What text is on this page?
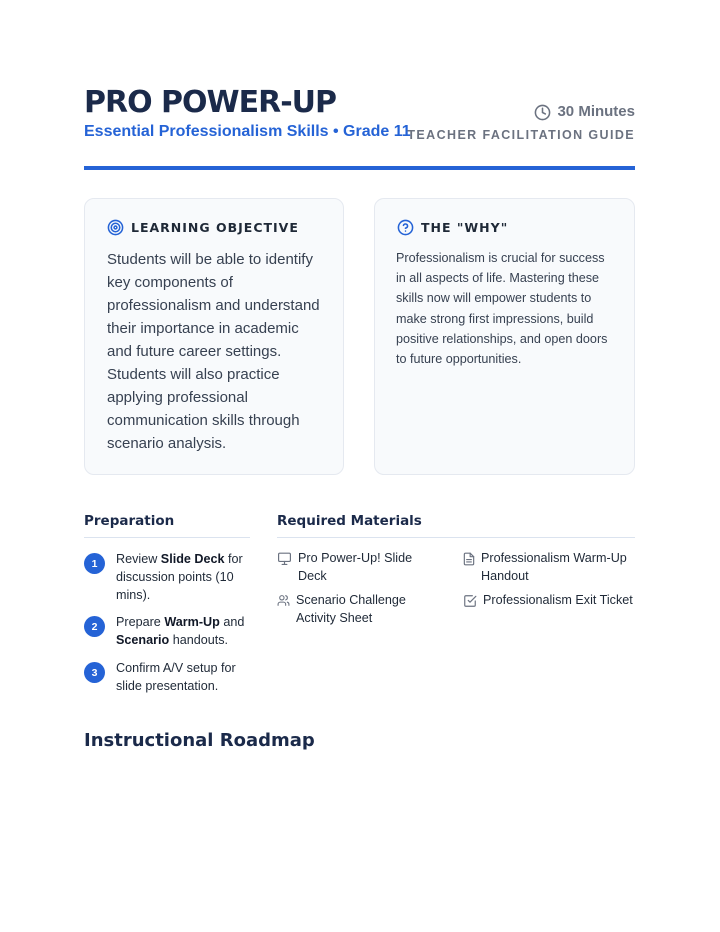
PRO POWER-UP
Essential Professionalism Skills • Grade 11
30 Minutes
TEACHER FACILITATION GUIDE
LEARNING OBJECTIVE

Students will be able to identify key components of professionalism and understand their importance in academic and future career settings. Students will also practice applying professional communication skills through scenario analysis.

THE "WHY"

Professionalism is crucial for success in all aspects of life. Mastering these skills now will empower students to make strong first impressions, build positive relationships, and open doors to future opportunities.

Preparation
1	Review Slide Deck for discussion points (10 mins).
2	Prepare Warm-Up and Scenario handouts.
3	Confirm A/V setup for slide presentation.
Required Materials
Pro Power-Up! Slide Deck
Professionalism Warm-Up Handout
Scenario Challenge Activity Sheet
Professionalism Exit Ticket
Instructional Roadmap
